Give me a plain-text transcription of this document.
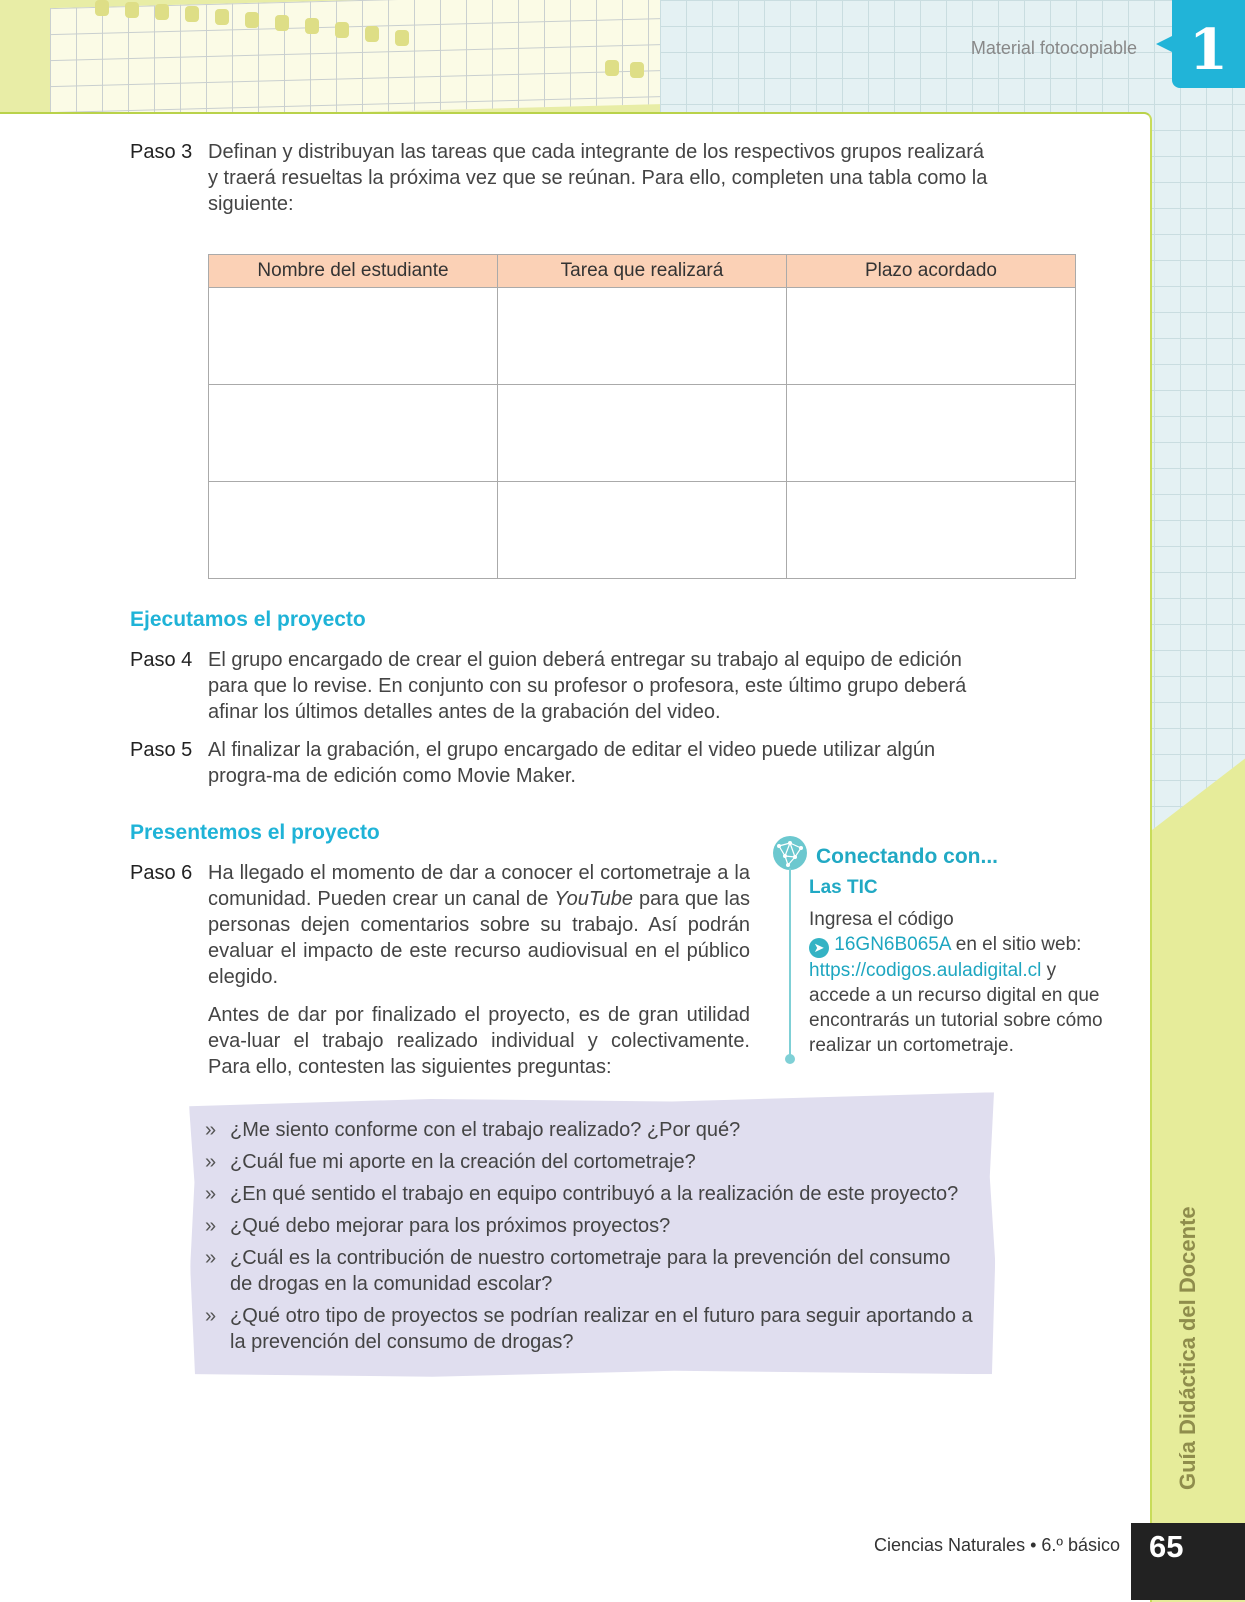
Material fotocopiable 1
Guía Didáctica del Docente
Paso 3 Definan y distribuyan las tareas que cada integrante de los respectivos grupos realizará y traerá resueltas la próxima vez que se reúnan. Para ello, completen una tabla como la siguiente:
Nombre del estudiante	Tarea que realizará	Plazo acordado

Ejecutamos el proyecto
Paso 4 El grupo encargado de crear el guion deberá entregar su trabajo al equipo de edición para que lo revise. En conjunto con su profesor o profesora, este último grupo deberá afinar los últimos detalles antes de la grabación del video.
Paso 5 Al finalizar la grabación, el grupo encargado de editar el video puede utilizar algún progra-ma de edición como Movie Maker.
Presentemos el proyecto
Paso 6 Ha llegado el momento de dar a conocer el cortometraje a la comunidad. Pueden crear un canal de YouTube para que las personas dejen comentarios sobre su trabajo. Así podrán evaluar el impacto de este recurso audiovisual en el público elegido.
Antes de dar por finalizado el proyecto, es de gran utilidad eva-luar el trabajo realizado individual y colectivamente. Para ello, contesten las siguientes preguntas:
» ¿Me siento conforme con el trabajo realizado? ¿Por qué?
» ¿Cuál fue mi aporte en la creación del cortometraje?
» ¿En qué sentido el trabajo en equipo contribuyó a la realización de este proyecto?
» ¿Qué debo mejorar para los próximos proyectos?
» ¿Cuál es la contribución de nuestro cortometraje para la prevención del consumo de drogas en la comunidad escolar?
» ¿Qué otro tipo de proyectos se podrían realizar en el futuro para seguir aportando a la prevención del consumo de drogas?
Conectando con...
Las TIC
Ingresa el código
➤ 16GN6B065A en el sitio web:
https://codigos.auladigital.cl y accede a un recurso digital en que encontrarás un tutorial sobre cómo realizar un cortometraje.
Ciencias Naturales • 6.º básico 65
